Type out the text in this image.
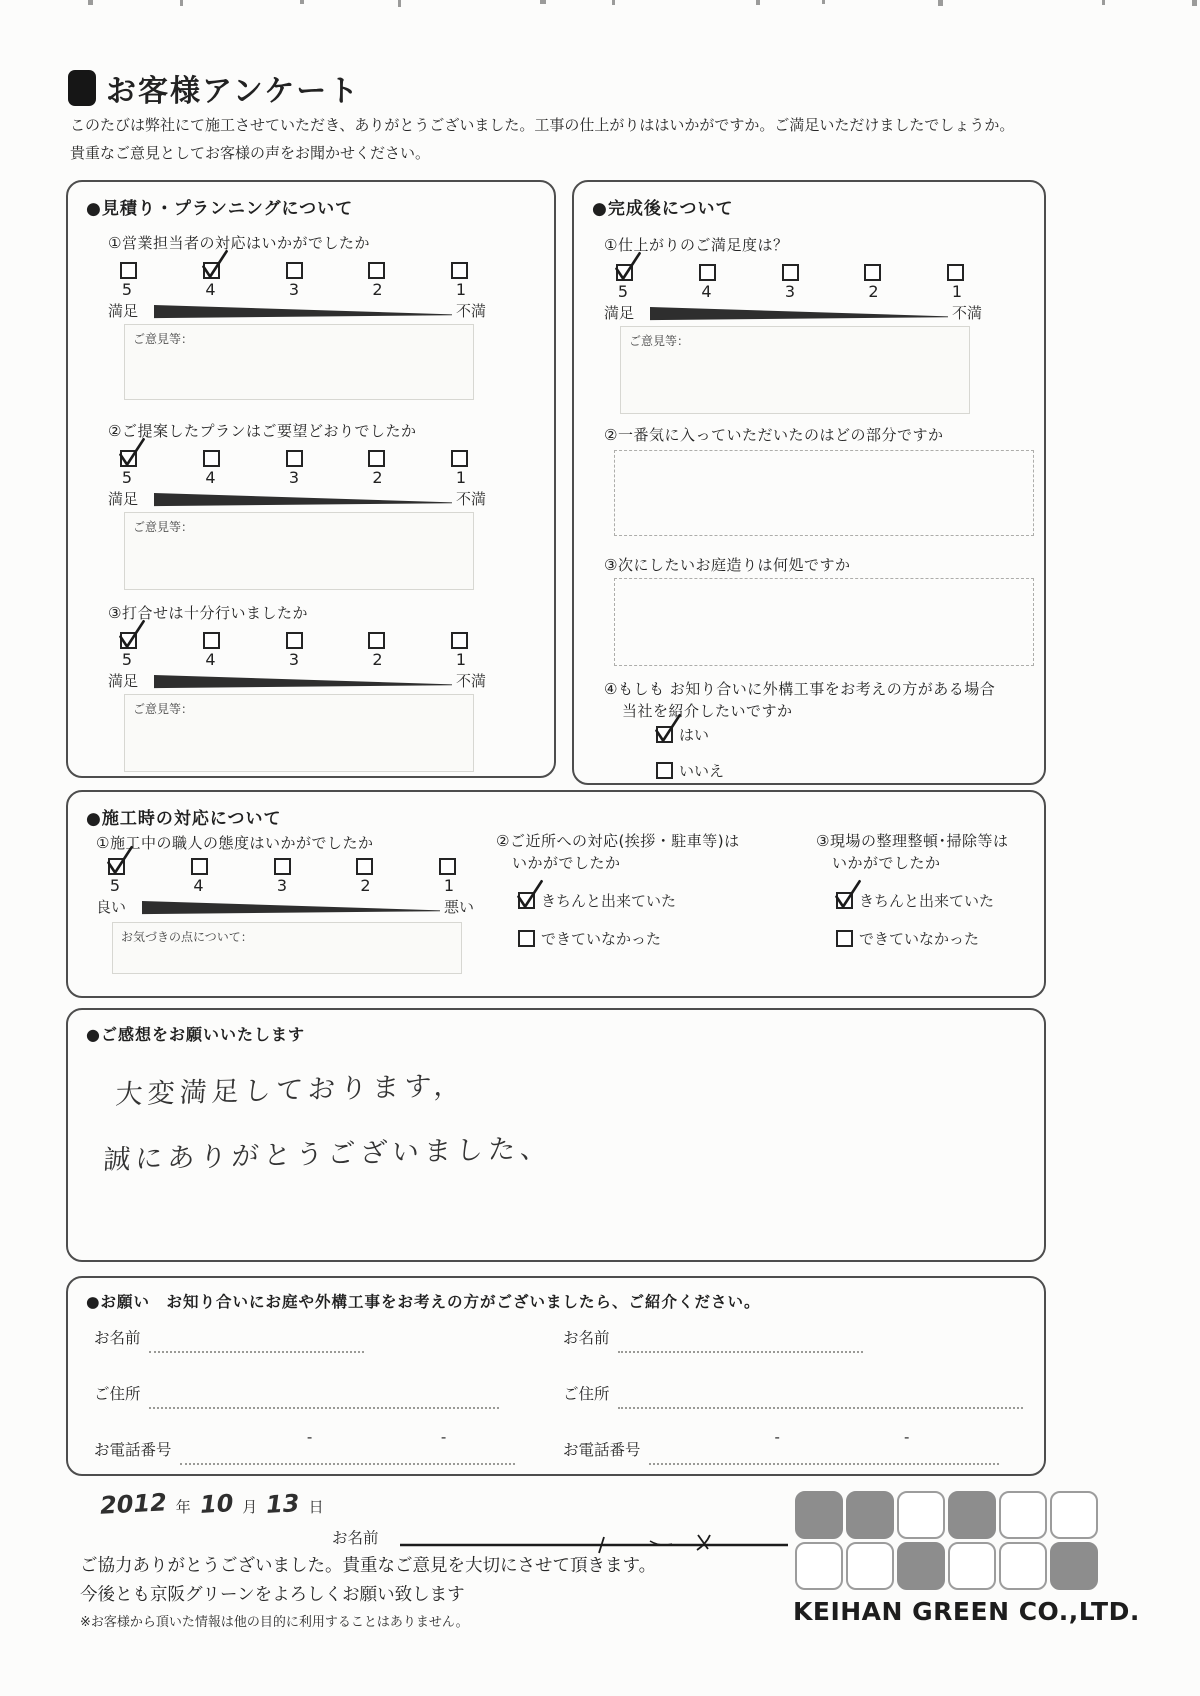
お客様アンケート
このたびは弊社にて施工させていただき、ありがとうございました。工事の仕上がりははいかがですか。ご満足いただけましたでしょうか。
貴重なご意見としてお客様の声をお聞かせください。
●見積り・プランニングについて
①営業担当者の対応はいかがでしたか
5	4	3	2	1
満足	不満
ご意見等：
②ご提案したプランはご要望どおりでしたか
5	4	3	2	1
満足	不満
ご意見等：
③打合せは十分行いましたか
5	4	3	2	1
満足	不満
ご意見等：
●完成後について
①仕上がりのご満足度は？
5	4	3	2	1
満足	不満
ご意見等：
②一番気に入っていただいたのはどの部分ですか
③次にしたいお庭造りは何処ですか
④もしも お知り合いに外構工事をお考えの方がある場合
当社を紹介したいですか
はい
いいえ
●施工時の対応について
①施工中の職人の態度はいかがでしたか
5	4	3	2	1
良い	悪い
お気づきの点について：
②ご近所への対応(挨拶・駐車等)は
いかがでしたか
きちんと出来ていた
できていなかった
③現場の整理整頓･掃除等は
いかがでしたか
きちんと出来ていた
できていなかった
●ご感想をお願いいたします
大変満足しております，
誠にありがとうございました、
●お願い　お知り合いにお庭や外構工事をお考えの方がございましたら、ご紹介ください。
お名前	お名前
ご住所	ご住所
お電話番号
-	-
お電話番号
-	-
2012 年 10 月 13 日
お名前
ご協力ありがとうございました。貴重なご意見を大切にさせて頂きます。
今後とも京阪グリーンをよろしくお願い致します
※お客様から頂いた情報は他の目的に利用することはありません。	KEIHAN GREEN CO.,LTD.
